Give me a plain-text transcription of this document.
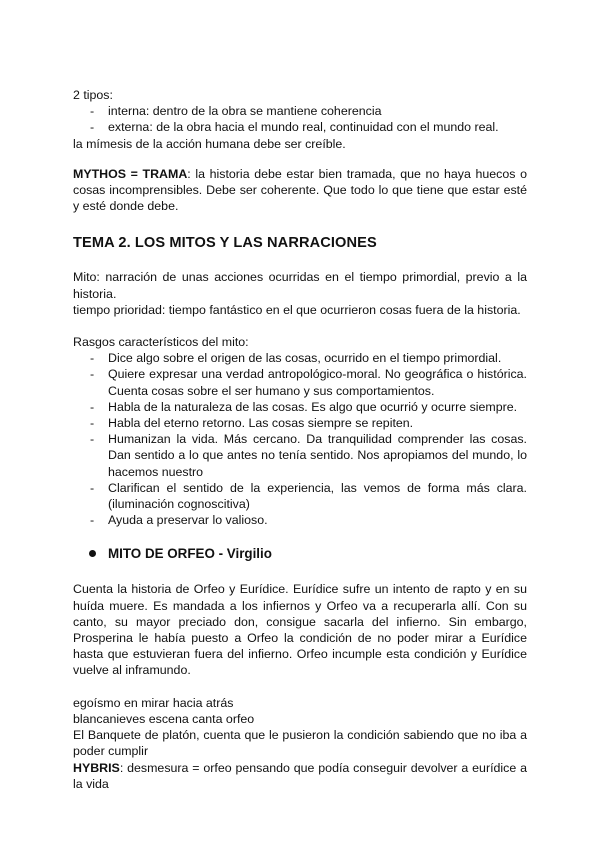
2 tipos:

- interna: dentro de la obra se mantiene coherencia
- externa: de la obra hacia el mundo real, continuidad con el mundo real.

la mímesis de la acción humana debe ser creíble.

MYTHOS = TRAMA: la historia debe estar bien tramada, que no haya huecos o cosas incomprensibles. Debe ser coherente. Que todo lo que tiene que estar esté y esté donde debe.

TEMA 2. LOS MITOS Y LAS NARRACIONES

Mito: narración de unas acciones ocurridas en el tiempo primordial, previo a la historia.

tiempo prioridad: tiempo fantástico en el que ocurrieron cosas fuera de la historia.

Rasgos característicos del mito:

- Dice algo sobre el origen de las cosas, ocurrido en el tiempo primordial.
- Quiere expresar una verdad antropológico-moral. No geográfica o histórica. Cuenta cosas sobre el ser humano y sus comportamientos.
- Habla de la naturaleza de las cosas. Es algo que ocurrió y ocurre siempre.
- Habla del eterno retorno. Las cosas siempre se repiten.
- Humanizan la vida. Más cercano. Da tranquilidad comprender las cosas. Dan sentido a lo que antes no tenía sentido. Nos apropiamos del mundo, lo hacemos nuestro
- Clarifican el sentido de la experiencia, las vemos de forma más clara. (iluminación cognoscitiva)
- Ayuda a preservar lo valioso.
MITO DE ORFEO - Virgilio

Cuenta la historia de Orfeo y Eurídice. Eurídice sufre un intento de rapto y en su huída muere. Es mandada a los infiernos y Orfeo va a recuperarla allí. Con su canto, su mayor preciado don, consigue sacarla del infierno. Sin embargo, Prosperina le había puesto a Orfeo la condición de no poder mirar a Eurídice hasta que estuvieran fuera del infierno. Orfeo incumple esta condición y Eurídice vuelve al inframundo.

egoísmo en mirar hacia atrás

blancanieves escena canta orfeo

El Banquete de platón, cuenta que le pusieron la condición sabiendo que no iba a poder cumplir

HYBRIS: desmesura = orfeo pensando que podía conseguir devolver a eurídice a la vida
